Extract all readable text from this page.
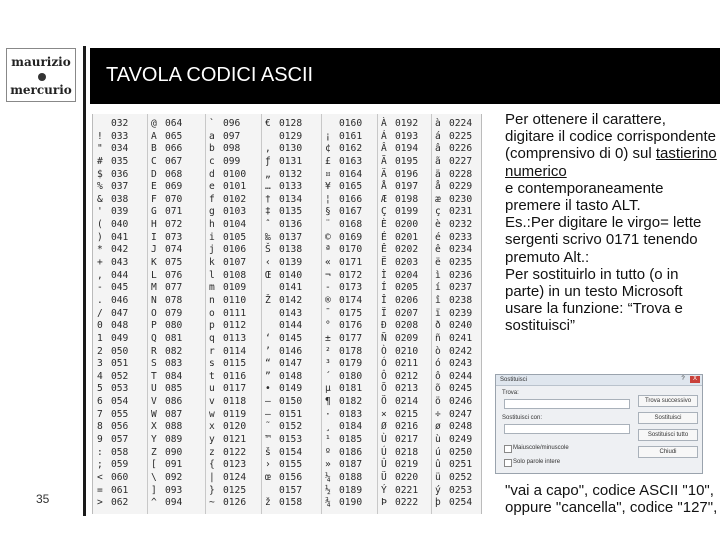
maurizio
mercurio
TAVOLA CODICI ASCII
35
032
! 033
" 034
# 035
$ 036
% 037
& 038
' 039
( 040
) 041
* 042
+ 043
, 044
- 045
. 046
/ 047
0 048
1 049
2 050
3 051
4 052
5 053
6 054
7 055
8 056
9 057
: 058
; 059
< 060
= 061
> 062
@ 064
A 065
B 066
C 067
D 068
E 069
F 070
G 071
H 072
I 073
J 074
K 075
L 076
M 077
N 078
O 079
P 080
Q 081
R 082
S 083
T 084
U 085
V 086
W 087
X 088
Y 089
Z 090
[ 091
\ 092
] 093
^ 094
` 096
a 097
b 098
c 099
d 0100
e 0101
f 0102
g 0103
h 0104
i 0105
j 0106
k 0107
l 0108
m 0109
n 0110
o 0111
p 0112
q 0113
r 0114
s 0115
t 0116
u 0117
v 0118
w 0119
x 0120
y 0121
z 0122
{ 0123
| 0124
} 0125
~ 0126
€ 0128
0129
‚ 0130
ƒ 0131
„ 0132
… 0133
† 0134
‡ 0135
ˆ 0136
‰ 0137
Š 0138
‹ 0139
Œ 0140
0141
Ž 0142
0143
0144
‘ 0145
’ 0146
“ 0147
” 0148
• 0149
– 0150
— 0151
˜ 0152
™ 0153
š 0154
› 0155
œ 0156
0157
ž 0158
0160
¡ 0161
¢ 0162
£ 0163
¤ 0164
¥ 0165
¦ 0166
§ 0167
¨ 0168
© 0169
ª 0170
« 0171
¬ 0172
- 0173
® 0174
¯ 0175
° 0176
± 0177
² 0178
³ 0179
´ 0180
µ 0181
¶ 0182
· 0183
¸ 0184
¹ 0185
º 0186
» 0187
¼ 0188
½ 0189
¾ 0190
À 0192
Á 0193
Â 0194
Ã 0195
Ä 0196
Å 0197
Æ 0198
Ç 0199
È 0200
É 0201
Ê 0202
Ë 0203
Ì 0204
Í 0205
Î 0206
Ï 0207
Ð 0208
Ñ 0209
Ò 0210
Ó 0211
Ô 0212
Õ 0213
Ö 0214
× 0215
Ø 0216
Ù 0217
Ú 0218
Û 0219
Ü 0220
Ý 0221
Þ 0222
à 0224
á 0225
â 0226
ã 0227
ä 0228
å 0229
æ 0230
ç 0231
è 0232
é 0233
ê 0234
ë 0235
ì 0236
í 0237
î 0238
ï 0239
ð 0240
ñ 0241
ò 0242
ó 0243
ô 0244
õ 0245
ö 0246
÷ 0247
ø 0248
ù 0249
ú 0250
û 0251
ü 0252
ý 0253
þ 0254

Per ottenere il carattere, digitare il codice corrispondente (comprensivo di 0) sul tastierino numerico

e contemporaneamente premere il tasto ALT.

Es.:Per digitare le virgo= lette sergenti scrivo 0171 tenendo premuto Alt.:

Per sostituirlo in tutto (o in parte) in un testo Microsoft usare la funzione: “Trova e sostituisci”

Sostituisci	?	X
Trova:
Sostituisci con:
Trova successivo
Sostituisci
Sostituisci tutto
Chiudi
Maiuscole/minuscole
Solo parole intere
"vai a capo", codice ASCII "10", oppure "cancella", codice "127",
